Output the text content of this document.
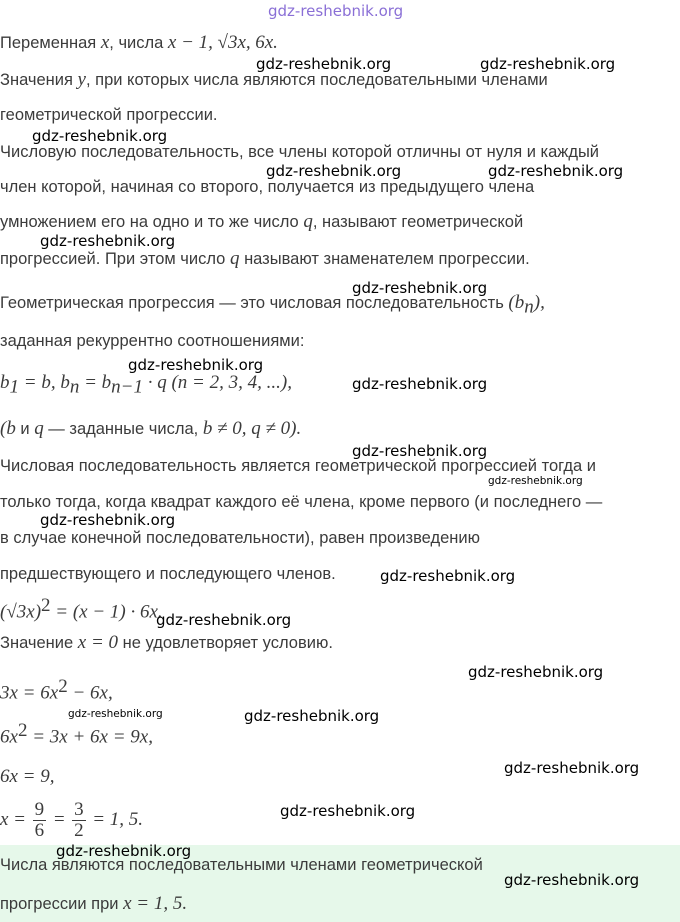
gdz-reshebnik.org
Переменная x, числа x − 1, √3x, 6x.
Значения y, при которых числа являются последовательными членами
геометрической прогрессии.
Числовую последовательность, все члены которой отличны от нуля и каждый
член которой, начиная со второго, получается из предыдущего члена
умножением его на одно и то же число q, называют геометрической
прогрессией. При этом число q называют знаменателем прогрессии.
Геометрическая прогрессия — это числовая последовательность $(b_n)$,
заданная рекуррентно соотношениями:
$b_1 = b$, $b_n = b_{n-1} \cdot q$ (n = 2, 3, 4, ...),
(b и q — заданные числа, b ≠ 0, q ≠ 0).
Числовая последовательность является геометрической прогрессией тогда и
только тогда, когда квадрат каждого её члена, кроме первого (и последнего —
в случае конечной последовательности), равен произведению
предшествующего и последующего членов.
$(√3x)^2 = (x - 1) \cdot 6x$.
Значение x = 0 не удовлетворяет условию.
$3x = 6x^2 - 6x$,
$6x^2 = 3x + 6x = 9x$,
6x = 9,
$x = \frac{9}{6} = \frac{3}{2} = 1$, 5.
Числа являются последовательными членами геометрической
прогрессии при x = 1, 5.
gdz-reshebnik.org	gdz-reshebnik.org
gdz-reshebnik.org
gdz-reshebnik.org	gdz-reshebnik.org
gdz-reshebnik.org
gdz-reshebnik.org
gdz-reshebnik.org
gdz-reshebnik.org
gdz-reshebnik.org
gdz-reshebnik.org
gdz-reshebnik.org
gdz-reshebnik.org
gdz-reshebnik.org
gdz-reshebnik.org
gdz-reshebnik.org	gdz-reshebnik.org
gdz-reshebnik.org
gdz-reshebnik.org
gdz-reshebnik.org
gdz-reshebnik.org
